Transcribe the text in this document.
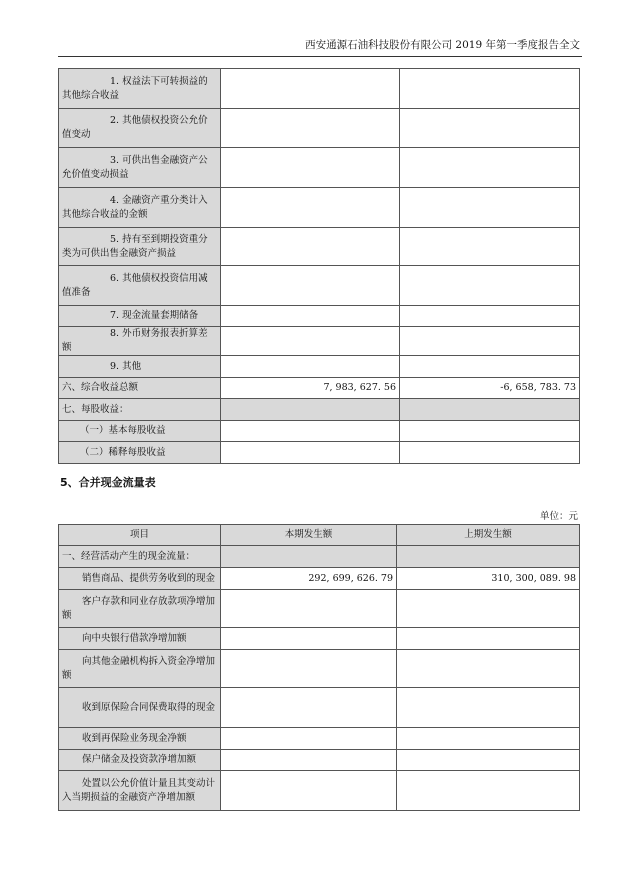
西安通源石油科技股份有限公司 2019 年第一季度报告全文
1. 权益法下可转损益的其他综合收益		
2. 其他债权投资公允价值变动		
3. 可供出售金融资产公允价值变动损益		
4. 金融资产重分类计入其他综合收益的金额		
5. 持有至到期投资重分类为可供出售金融资产损益		
6. 其他债权投资信用减值准备		
7. 现金流量套期储备		
8. 外币财务报表折算差额		
9. 其他		
六、综合收益总额	7, 983, 627. 56	-6, 658, 783. 73
七、每股收益：		
（一）基本每股收益		
（二）稀释每股收益		
5、合并现金流量表
单位：元
项目	本期发生额	上期发生额
一、经营活动产生的现金流量：		
销售商品、提供劳务收到的现金	292, 699, 626. 79	310, 300, 089. 98
客户存款和同业存放款项净增加额		
向中央银行借款净增加额		
向其他金融机构拆入资金净增加额		
收到原保险合同保费取得的现金		
收到再保险业务现金净额		
保户储金及投资款净增加额		
处置以公允价值计量且其变动计入当期损益的金融资产净增加额		
